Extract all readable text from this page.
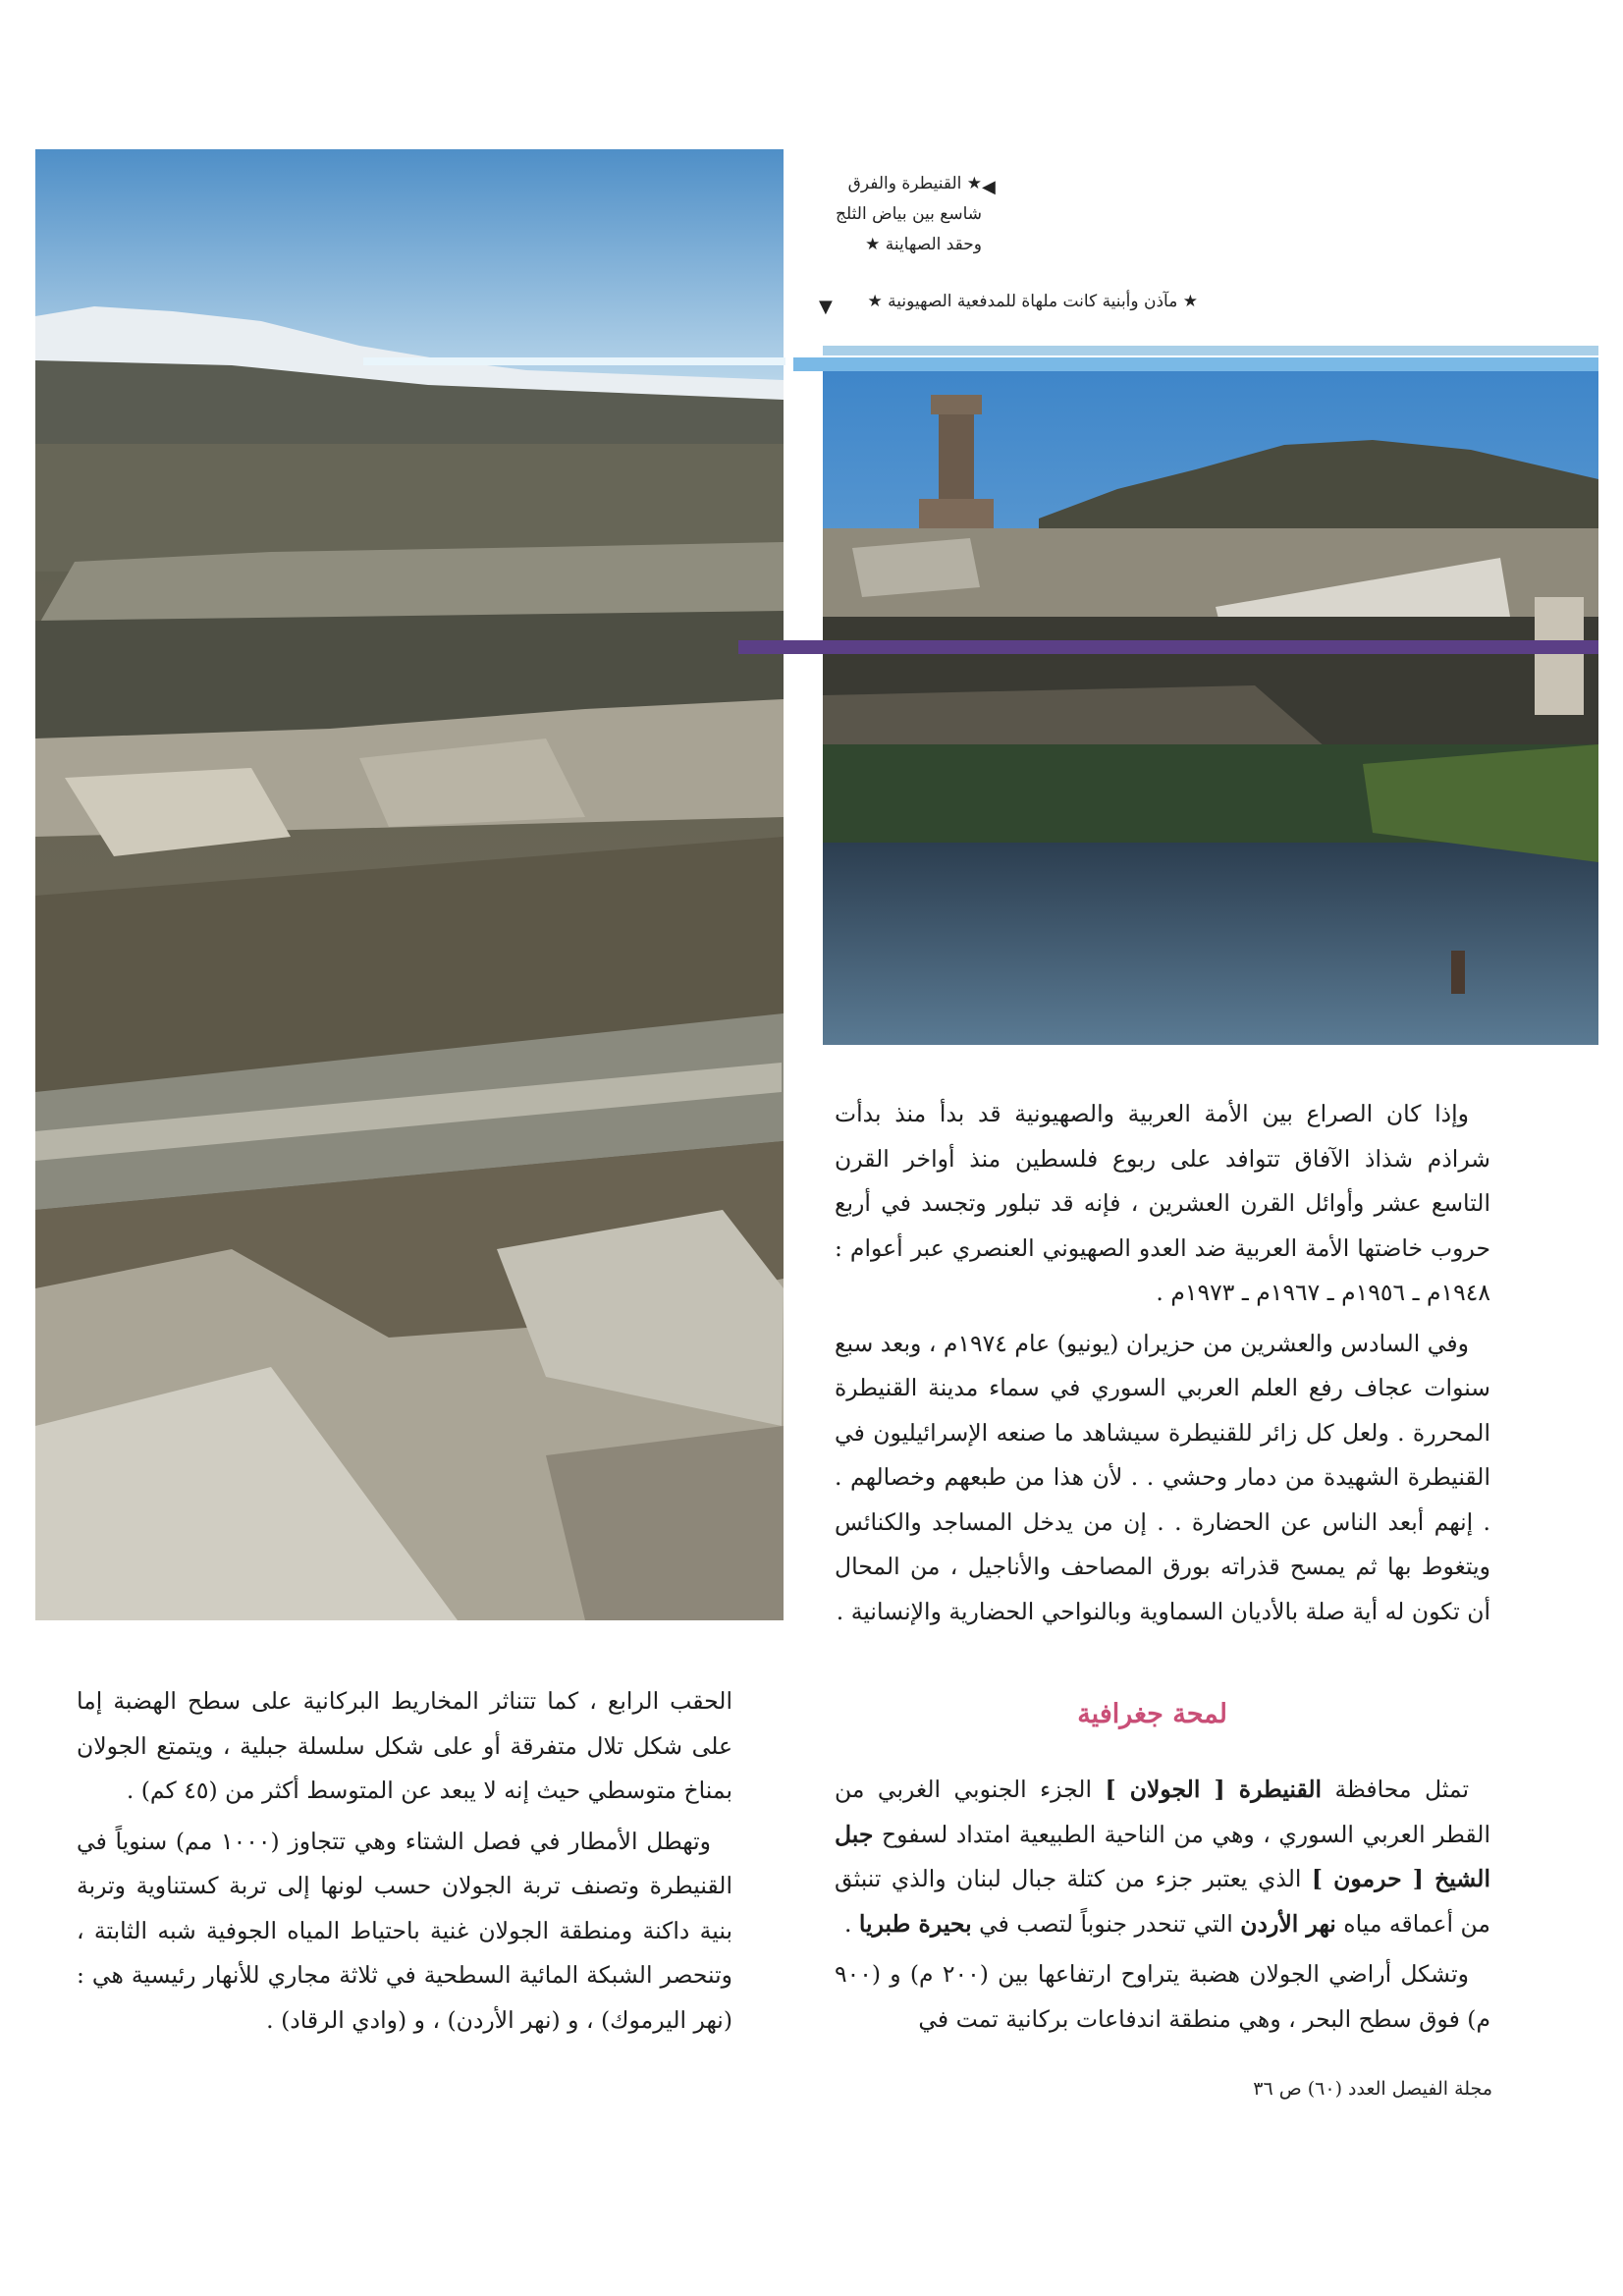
★ القنيطرة والفرق شاسع بين بياض الثلج وحقد الصهاينة ★
★ مآذن وأبنية كانت ملهاة للمدفعية الصهيونية ★
◀
▼

وإذا كان الصراع بين الأمة العربية والصهيونية قد بدأ منذ بدأت شراذم شذاذ الآفاق تتوافد على ربوع فلسطين منذ أواخر القرن التاسع عشر وأوائل القرن العشرين ، فإنه قد تبلور وتجسد في أربع حروب خاضتها الأمة العربية ضد العدو الصهيوني العنصري عبر أعوام : ١٩٤٨م ـ ١٩٥٦م ـ ١٩٦٧م ـ ١٩٧٣م .

وفي السادس والعشرين من حزيران (يونيو) عام ١٩٧٤م ، وبعد سبع سنوات عجاف رفع العلم العربي السوري في سماء مدينة القنيطرة المحررة . ولعل كل زائر للقنيطرة سيشاهد ما صنعه الإسرائيليون في القنيطرة الشهيدة من دمار وحشي . . لأن هذا من طبعهم وخصالهم . . إنهم أبعد الناس عن الحضارة . . إن من يدخل المساجد والكنائس ويتغوط بها ثم يمسح قذراته بورق المصاحف والأناجيل ، من المحال أن تكون له أية صلة بالأديان السماوية وبالنواحي الحضارية والإنسانية .

لمحة جغرافية

تمثل محافظة القنيطرة [ الجولان ] الجزء الجنوبي الغربي من القطر العربي السوري ، وهي من الناحية الطبيعية امتداد لسفوح جبل الشيخ [ حرمون ] الذي يعتبر جزء من كتلة جبال لبنان والذي تنبثق من أعماقه مياه نهر الأردن التي تنحدر جنوباً لتصب في بحيرة طبريا .

وتشكل أراضي الجولان هضبة يتراوح ارتفاعها بين (٢٠٠ م) و (٩٠٠ م) فوق سطح البحر ، وهي منطقة اندفاعات بركانية تمت في

الحقب الرابع ، كما تتناثر المخاريط البركانية على سطح الهضبة إما على شكل تلال متفرقة أو على شكل سلسلة جبلية ، ويتمتع الجولان بمناخ متوسطي حيث إنه لا يبعد عن المتوسط أكثر من (٤٥ كم) .

وتهطل الأمطار في فصل الشتاء وهي تتجاوز (١٠٠٠ مم) سنوياً في القنيطرة وتصنف تربة الجولان حسب لونها إلى تربة كستناوية وتربة بنية داكنة ومنطقة الجولان غنية باحتياط المياه الجوفية شبه الثابتة ، وتنحصر الشبكة المائية السطحية في ثلاثة مجاري للأنهار رئيسية هي : (نهر اليرموك) ، و (نهر الأردن) ، و (وادي الرقاد) .

مجلة الفيصل العدد (٦٠) ص ٣٦
